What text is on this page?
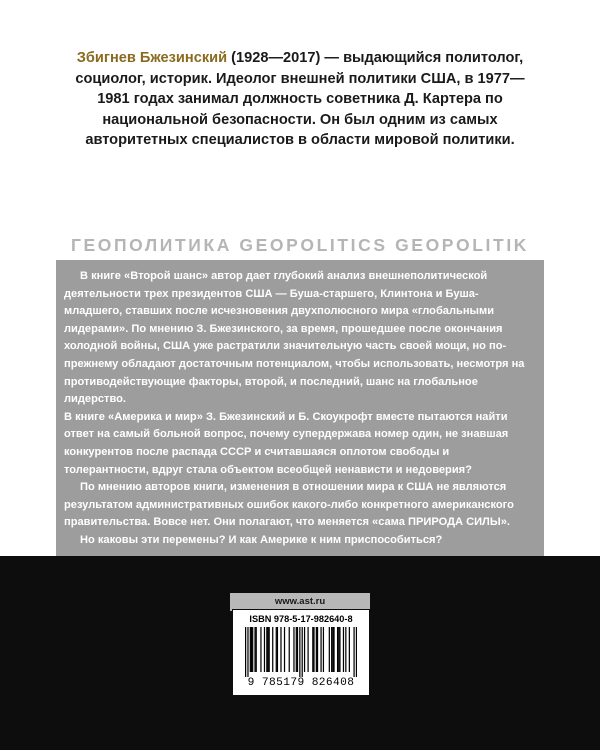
Збигнев Бжезинский (1928—2017) — выдающийся политолог, социолог, историк. Идеолог внешней политики США, в 1977—1981 годах занимал должность советника Д. Картера по национальной безопасности. Он был одним из самых авторитетных специалистов в области мировой политики.
ГЕОПОЛИТИКА GEOPOLITICS GEOPOLITIK

В книге «Второй шанс» автор дает глубокий анализ внешнеполитической деятельности трех президентов США — Буша-старшего, Клинтона и Буша-младшего, ставших после исчезновения двухполюсного мира «глобальными лидерами». По мнению З. Бжезинского, за время, прошедшее после окончания холодной войны, США уже растратили значительную часть своей мощи, но по-прежнему обладают достаточным потенциалом, чтобы использовать, несмотря на противодействующие факторы, второй, и последний, шанс на глобальное лидерство.

В книге «Америка и мир» З. Бжезинский и Б. Скоукрофт вместе пытаются найти ответ на самый больной вопрос, почему супердержава номер один, не знавшая конкурентов после распада СССР и считавшаяся оплотом свободы и толерантности, вдруг стала объектом всеобщей ненависти и недоверия?

По мнению авторов книги, изменения в отношении мира к США не являются результатом административных ошибок какого-либо конкретного американского правительства. Вовсе нет. Они полагают, что меняется «сама ПРИРОДА СИЛЫ».

Но каковы эти перемены? И как Америке к ним приспособиться?

www.ast.ru
ISBN 978-5-17-982640-8
9 785179 826408
